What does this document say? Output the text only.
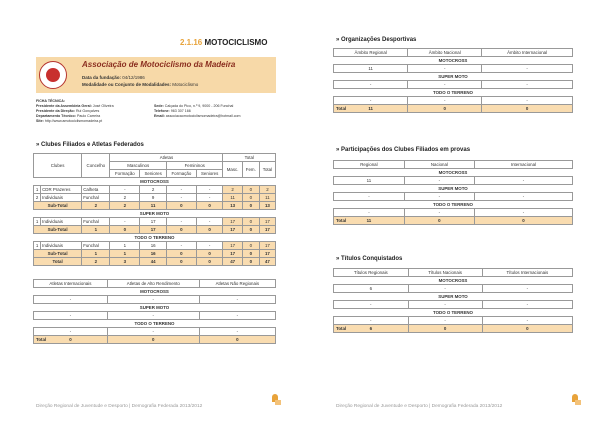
2.1.16 MOTOCICLISMO
Associação de Motociclismo da Madeira
Data da fundação: 04/12/1986
Modalidade ou Conjunto de Modalidades: Motociclismo
FICHA TÉCNICA:
Presidente da Assembleia Geral: José Oliveira
Presidente da Direção: Rui Gonçalves
Departamento Técnico: Paulo Carreira
Site: http://www.amotociclismomadeira.pt
Sede: Calçada do Pico, n.º 9, 9000 - 206 Funchal
Telefone: 963 307 166
Email: associacaomotociclismomadeira@hotmail.com
» Clubes Filiados e Atletas Federados
Clubes		Concelho	Atletas				Total		
			Masculinos		Femininos		Masc.	Fem.	Total
			Formação	Seniores	Formação	Seniores			
MOTOCROSS									
1	CDR Prazeres	Calheta	-	2	-	-	2	0	2
2	Individuais	Funchal	2	9	-	-	11	0	11
Sub-Total		2	2	11	0	0	13	0	13
SUPER MOTO									
1	Individuais	Funchal	-	17	-	-	17	0	17
Sub-Total		1	0	17	0	0	17	0	17
TODO O TERRENO									
1	Individuais	Funchal	1	16	-	-	17	0	17
Sub-Total		1	1	16	0	0	17	0	17
Total		2	3	44	0	0	47	0	47
Atletas Internacionais	Atletas de Alto Rendimento	Atletas Não Regionais
MOTOCROSS		
-	-	-
SUPER MOTO		
-	-	-
TODO O TERRENO		
-	-	-

Total 0	0	0
Direção Regional de Juventude e Desporto | Demografia Federada 2013/2012
» Organizações Desportivas
Âmbito Regional	Âmbito Nacional	Âmbito Internacional
MOTOCROSS		
11	-	-
SUPER MOTO		
-	-	-
TODO O TERRENO		
-	-	-

Total 11	0	0
» Participações dos Clubes Filiados em provas
Regional	Nacional	Internacional
MOTOCROSS		
11	-	-
SUPER MOTO		
-	-	-
TODO O TERRENO		
-	-	-

Total 11	0	0
» Títulos Conquistados
Títulos Regionais	Títulos Nacionais	Títulos Internacionais
MOTOCROSS		
6	-	-
SUPER MOTO		
-	-	-
TODO O TERRENO		
-	-	-

Total 6	0	0
Direção Regional de Juventude e Desporto | Demografia Federada 2013/2012
